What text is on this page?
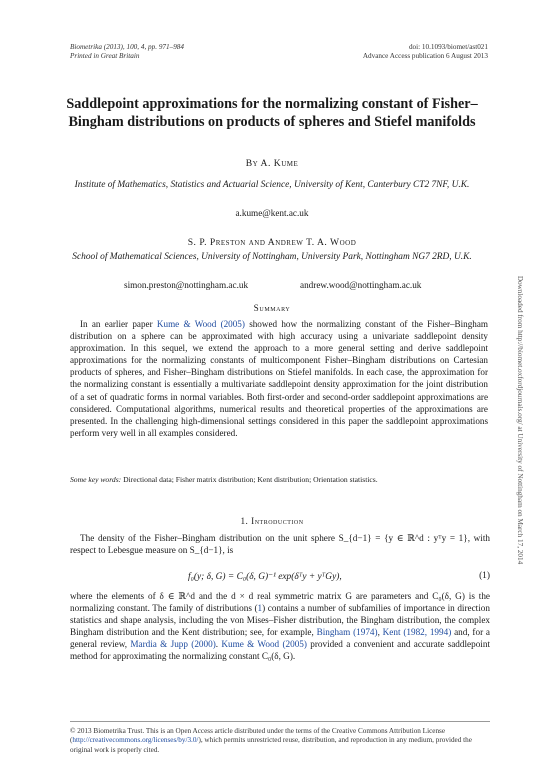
Biometrika (2013), 100, 4, pp. 971–984
Printed in Great Britain
doi: 10.1093/biomet/ast021
Advance Access publication 6 August 2013
Saddlepoint approximations for the normalizing constant of Fisher–Bingham distributions on products of spheres and Stiefel manifolds
By A. Kume
Institute of Mathematics, Statistics and Actuarial Science, University of Kent, Canterbury CT2 7NF, U.K.
a.kume@kent.ac.uk
S. P. Preston and Andrew T. A. Wood
School of Mathematical Sciences, University of Nottingham, University Park, Nottingham NG7 2RD, U.K.
simon.preston@nottingham.ac.uk	andrew.wood@nottingham.ac.uk
Summary

In an earlier paper Kume & Wood (2005) showed how the normalizing constant of the Fisher–Bingham distribution on a sphere can be approximated with high accuracy using a univariate saddlepoint density approximation. In this sequel, we extend the approach to a more general setting and derive saddlepoint approximations for the normalizing constants of multicomponent Fisher–Bingham distributions on Cartesian products of spheres, and Fisher–Bingham distributions on Stiefel manifolds. In each case, the approximation for the normalizing constant is essentially a multivariate saddlepoint density approximation for the joint distribution of a set of quadratic forms in normal variables. Both first-order and second-order saddlepoint approximations are considered. Computational algorithms, numerical results and theoretical properties of the approximations are presented. In the challenging high-dimensional settings considered in this paper the saddlepoint approximations perform very well in all examples considered.

Some key words: Directional data; Fisher matrix distribution; Kent distribution; Orientation statistics.
1. Introduction

The density of the Fisher–Bingham distribution on the unit sphere S_{d−1} = {y ∈ ℝ^d : yᵀy = 1}, with respect to Lebesgue measure on S_{d−1}, is

f₀(y; δ, G) = C₀(δ, G)⁻¹ exp(δᵀy + yᵀGy),	(1)

where the elements of δ ∈ ℝ^d and the d × d real symmetric matrix G are parameters and C₀(δ, G) is the normalizing constant. The family of distributions (1) contains a number of subfamilies of importance in direction statistics and shape analysis, including the von Mises–Fisher distribution, the Bingham distribution, the complex Bingham distribution and the Kent distribution; see, for example, Bingham (1974), Kent (1982, 1994) and, for a general review, Mardia & Jupp (2000). Kume & Wood (2005) provided a convenient and accurate saddlepoint method for approximating the normalizing constant C₀(δ, G).

© 2013 Biometrika Trust. This is an Open Access article distributed under the terms of the Creative Commons Attribution License (http://creativecommons.org/licenses/by/3.0/), which permits unrestricted reuse, distribution, and reproduction in any medium, provided the original work is properly cited.
Downloaded from http://biomet.oxfordjournals.org/ at University of Nottingham on March 17, 2014
